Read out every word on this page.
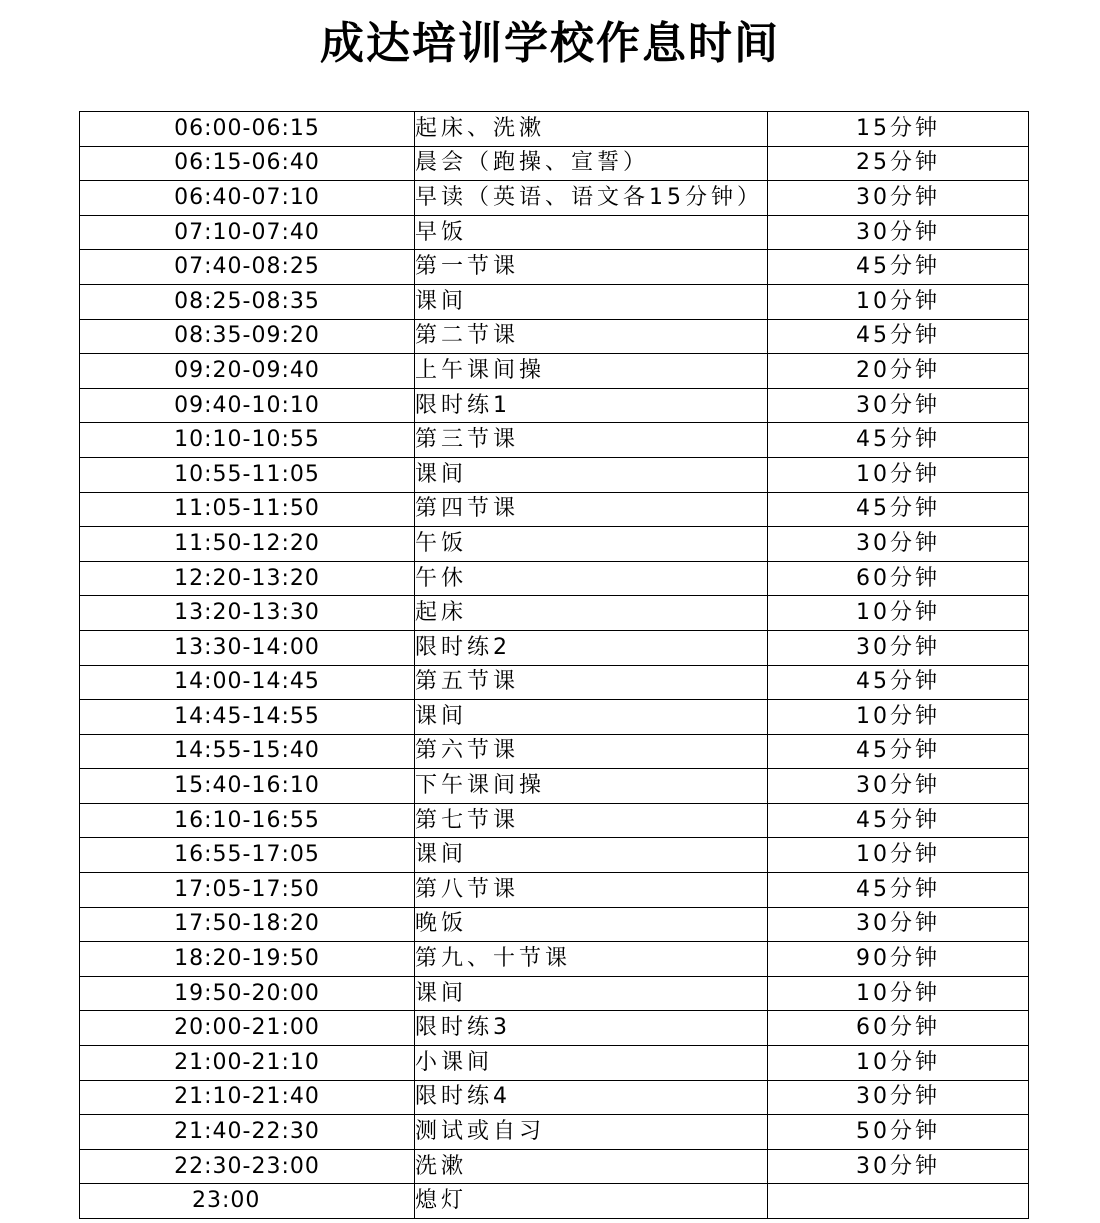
成达培训学校作息时间
06:00-06:15	起床、洗漱	15分钟
06:15-06:40	晨会（跑操、宣誓）	25分钟
06:40-07:10	早读（英语、语文各15分钟）	30分钟
07:10-07:40	早饭	30分钟
07:40-08:25	第一节课	45分钟
08:25-08:35	课间	10分钟
08:35-09:20	第二节课	45分钟
09:20-09:40	上午课间操	20分钟
09:40-10:10	限时练1	30分钟
10:10-10:55	第三节课	45分钟
10:55-11:05	课间	10分钟
11:05-11:50	第四节课	45分钟
11:50-12:20	午饭	30分钟
12:20-13:20	午休	60分钟
13:20-13:30	起床	10分钟
13:30-14:00	限时练2	30分钟
14:00-14:45	第五节课	45分钟
14:45-14:55	课间	10分钟
14:55-15:40	第六节课	45分钟
15:40-16:10	下午课间操	30分钟
16:10-16:55	第七节课	45分钟
16:55-17:05	课间	10分钟
17:05-17:50	第八节课	45分钟
17:50-18:20	晚饭	30分钟
18:20-19:50	第九、十节课	90分钟
19:50-20:00	课间	10分钟
20:00-21:00	限时练3	60分钟
21:00-21:10	小课间	10分钟
21:10-21:40	限时练4	30分钟
21:40-22:30	测试或自习	50分钟
22:30-23:00	洗漱	30分钟
23:00	熄灯	
